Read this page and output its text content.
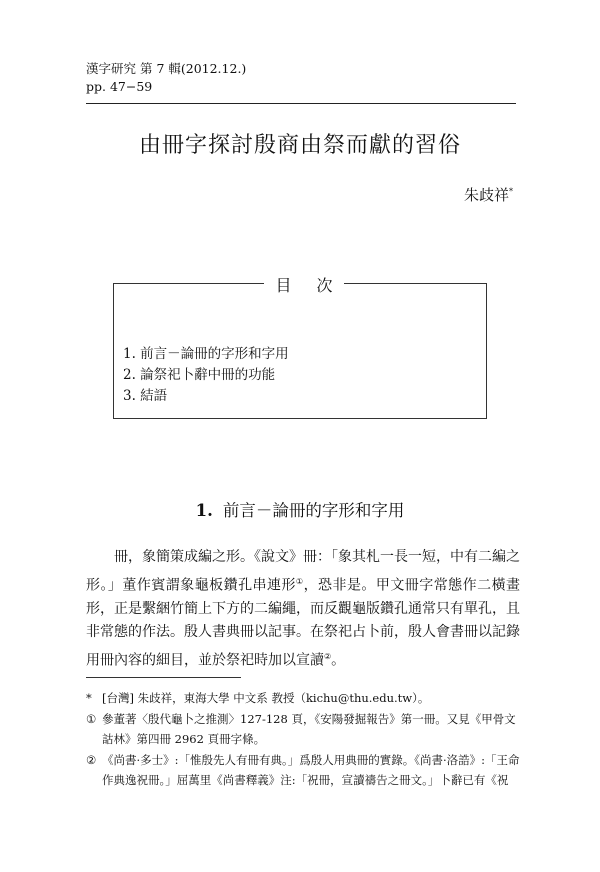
漢字研究 第 7 輯(2012.12.)
pp. 47−59
由冊字探討殷商由祭而獻的習俗
朱歧祥*
目 次
1. 前言－論冊的字形和字用
2. 論祭祀卜辭中冊的功能
3. 結語
1. 前言－論冊的字形和字用

冊，象簡策成編之形。《說文》冊：「象其札一長一短，中有二編之形。」董作賓謂象龜板鑽孔串連形①，恐非是。甲文冊字常態作二橫畫形，正是繫綑竹簡上下方的二編繩，而反觀龜版鑽孔通常只有單孔，且非常態的作法。殷人書典冊以記事。在祭祀占卜前，殷人會書冊以記錄用冊內容的細目，並於祭祀時加以宣讀②。

* [台灣] 朱歧祥，東海大學 中文系 教授（kichu@thu.edu.tw）。
① 參董著〈殷代龜卜之推測〉127-128 頁，《安陽發掘報告》第一冊。又見《甲骨文詁林》第四冊 2962 頁冊字條。
② 《尚書·多士》:「惟殷先人有冊有典。」爲殷人用典冊的實錄。《尚書·洛誥》:「王命作典逸祝冊。」屈萬里《尚書釋義》注:「祝冊，宣讀禱告之冊文。」卜辭已有《祝
